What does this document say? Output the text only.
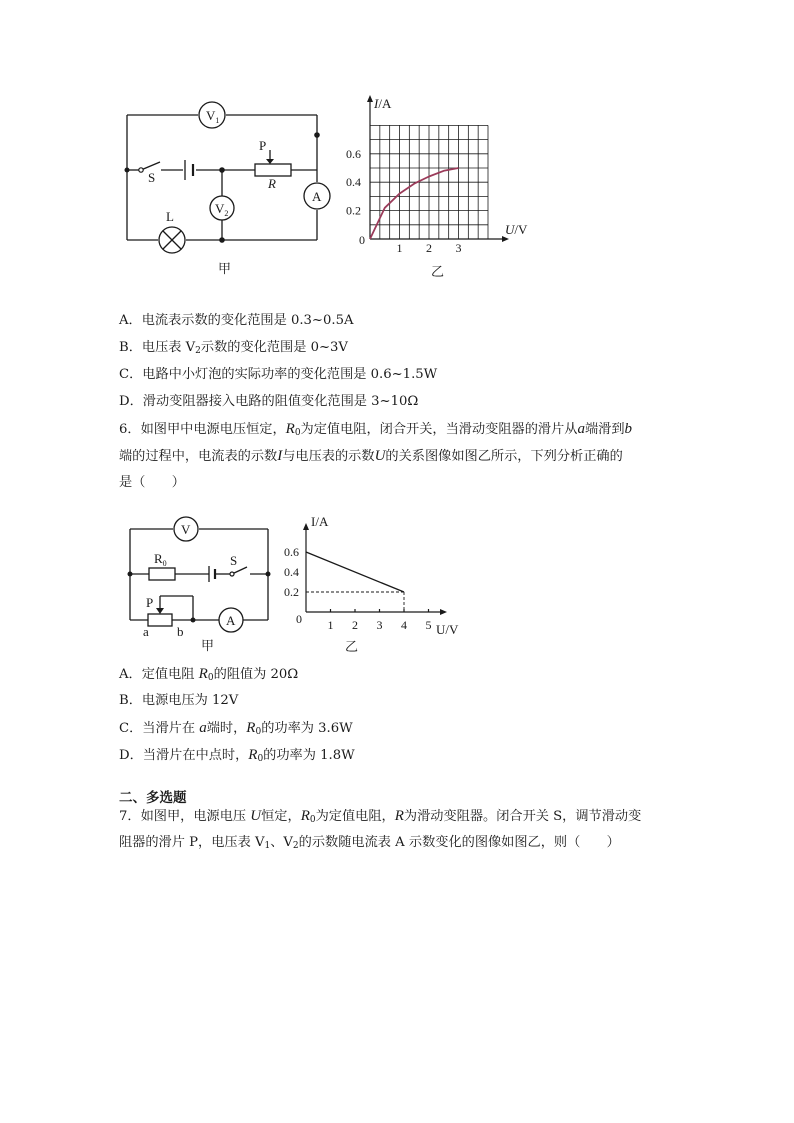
$V_1$
$V_2$
A
S
L
P
R
甲
0.2
0.4
0.6
1 2 3
I/A
U/V
0
乙
A．电流表示数的变化范围是 0.3~0.5A
B．电压表 $V_2$示数的变化范围是 0~3V
C．电路中小灯泡的实际功率的变化范围是 0.6~1.5W
D．滑动变阻器接入电路的阻值变化范围是 3~10Ω
6．如图甲中电源电压恒定，$R_0$为定值电阻，闭合开关，当滑动变阻器的滑片从a端滑到b
端的过程中，电流表的示数I与电压表的示数U的关系图像如图乙所示，下列分析正确的
是（　　）
V
A
$R_0$	S
P
a b
甲
0.2
0.4
0.6
1 2 3 4 5
I/A
U/V
0
乙
A．定值电阻 $R_0$的阻值为 20Ω
B．电源电压为 12V
C．当滑片在 a端时，$R_0$的功率为 3.6W
D．当滑片在中点时，$R_0$的功率为 1.8W
二、多选题
7．如图甲，电源电压 U恒定，$R_0$为定值电阻，R为滑动变阻器。闭合开关 S，调节滑动变
阻器的滑片 P，电压表 $V_1$、$V_2$的示数随电流表 A 示数变化的图像如图乙，则（　　）
